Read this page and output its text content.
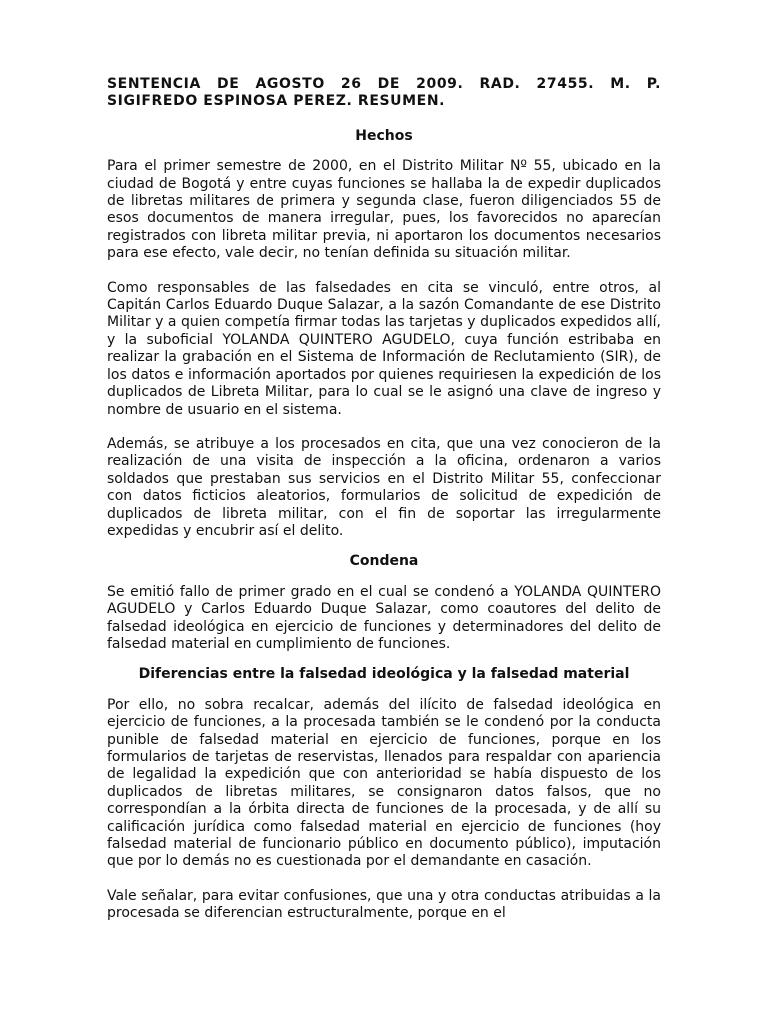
SENTENCIA DE AGOSTO 26 DE 2009. RAD. 27455. M. P. SIGIFREDO ESPINOSA PEREZ. RESUMEN.

Hechos

Para el primer semestre de 2000, en el Distrito Militar Nº 55, ubicado en la ciudad de Bogotá y entre cuyas funciones se hallaba la de expedir duplicados de libretas militares de primera y segunda clase, fueron diligenciados 55 de esos documentos de manera irregular, pues, los favorecidos no aparecían registrados con libreta militar previa, ni aportaron los documentos necesarios para ese efecto, vale decir, no tenían definida su situación militar.

Como responsables de las falsedades en cita se vinculó, entre otros, al Capitán Carlos Eduardo Duque Salazar, a la sazón Comandante de ese Distrito Militar y a quien competía firmar todas las tarjetas y duplicados expedidos allí, y la suboficial YOLANDA QUINTERO AGUDELO, cuya función estribaba en realizar la grabación en el Sistema de Información de Reclutamiento (SIR), de los datos e información aportados por quienes requiriesen la expedición de los duplicados de Libreta Militar, para lo cual se le asignó una clave de ingreso y nombre de usuario en el sistema.

Además, se atribuye a los procesados en cita, que una vez conocieron de la realización de una visita de inspección a la oficina, ordenaron a varios soldados que prestaban sus servicios en el Distrito Militar 55, confeccionar con datos ficticios aleatorios, formularios de solicitud de expedición de duplicados de libreta militar, con el fin de soportar las irregularmente expedidas y encubrir así el delito.

Condena

Se emitió fallo de primer grado en el cual se condenó a YOLANDA QUINTERO AGUDELO y Carlos Eduardo Duque Salazar, como coautores del delito de falsedad ideológica en ejercicio de funciones y determinadores del delito de falsedad material en cumplimiento de funciones.

Diferencias entre la falsedad ideológica y la falsedad material

Por ello, no sobra recalcar, además del ilícito de falsedad ideológica en ejercicio de funciones, a la procesada también se le condenó por la conducta punible de falsedad material en ejercicio de funciones, porque en los formularios de tarjetas de reservistas, llenados para respaldar con apariencia de legalidad la expedición que con anterioridad se había dispuesto de los duplicados de libretas militares, se consignaron datos falsos, que no correspondían a la órbita directa de funciones de la procesada, y de allí su calificación jurídica como falsedad material en ejercicio de funciones (hoy falsedad material de funcionario público en documento público), imputación que por lo demás no es cuestionada por el demandante en casación.

Vale señalar, para evitar confusiones, que una y otra conductas atribuidas a la procesada se diferencian estructuralmente, porque en el
